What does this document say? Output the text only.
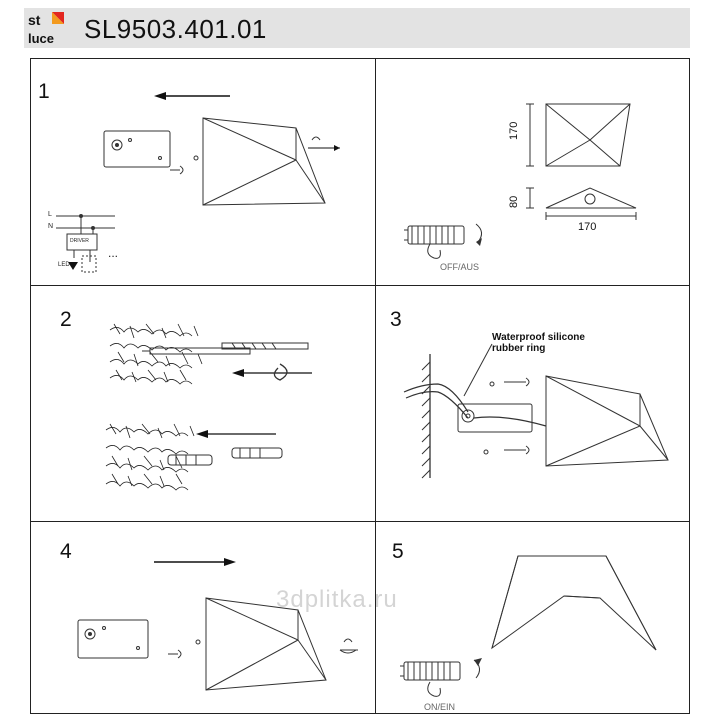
st
luce SL9503.401.01
1
2	3
4	5
L
N
DRIVER
LED
...
170
80
170
OFF/AUS
ON/EIN
Waterproof silicone
rubber ring
3dplitka.ru
